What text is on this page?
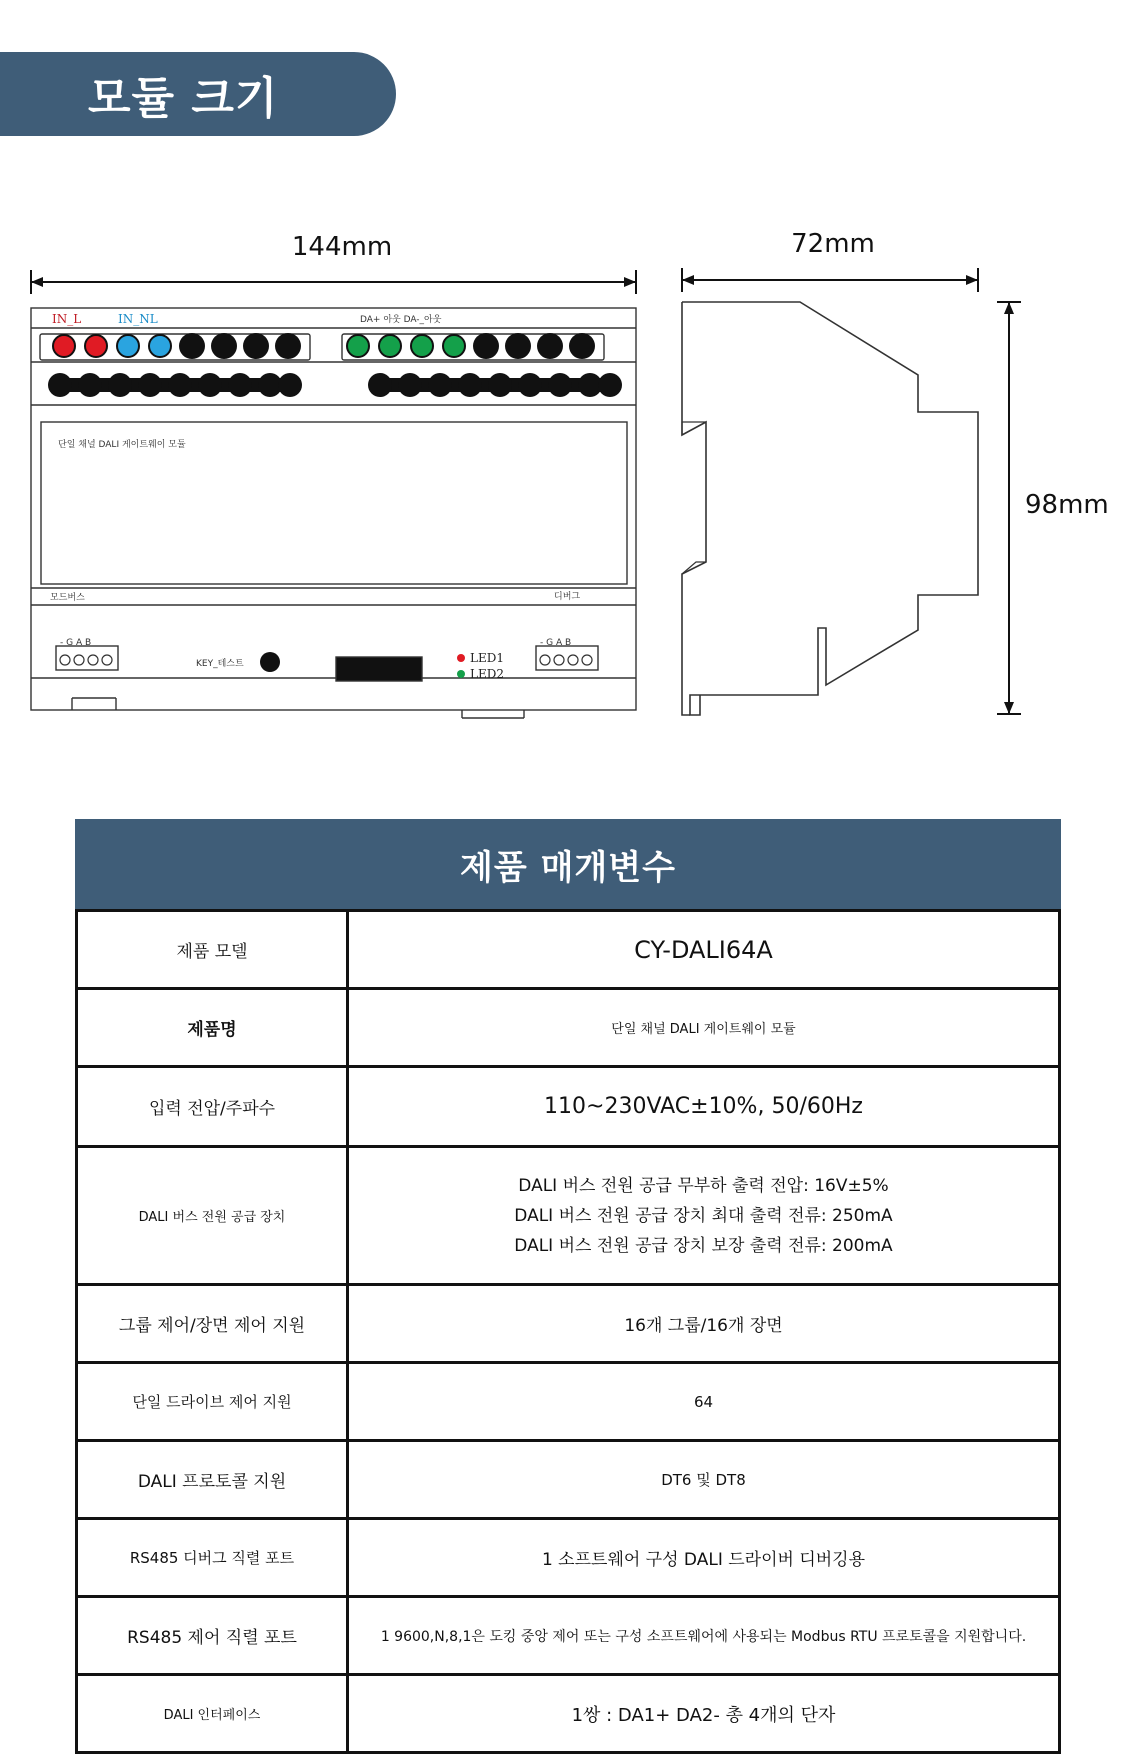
모듈 크기
144mm	72mm
98mm
IN_L	IN_NL	DA+ 아웃 DA-_아웃
단일 채널 DALI 게이트웨이 모듈
모드버스	디버그
- G A B	- G A B
KEY_테스트	LED1
LED2
제품 매개변수
제품 모델	CY-DALI64A
제품명	단일 채널 DALI 게이트웨이 모듈
입력 전압/주파수	110~230VAC±10%, 50/60Hz
DALI 버스 전원 공급 장치	DALI 버스 전원 공급 무부하 출력 전압: 16V±5%
DALI 버스 전원 공급 장치 최대 출력 전류: 250mA
DALI 버스 전원 공급 장치 보장 출력 전류: 200mA

그룹 제어/장면 제어 지원	16개 그룹/16개 장면
단일 드라이브 제어 지원	64
DALI 프로토콜 지원	DT6 및 DT8
RS485 디버그 직렬 포트	1 소프트웨어 구성 DALI 드라이버 디버깅용
RS485 제어 직렬 포트	1 9600,N,8,1은 도킹 중앙 제어 또는 구성 소프트웨어에 사용되는 Modbus RTU 프로토콜을 지원합니다.
DALI 인터페이스	1쌍 : DA1+ DA2- 총 4개의 단자
